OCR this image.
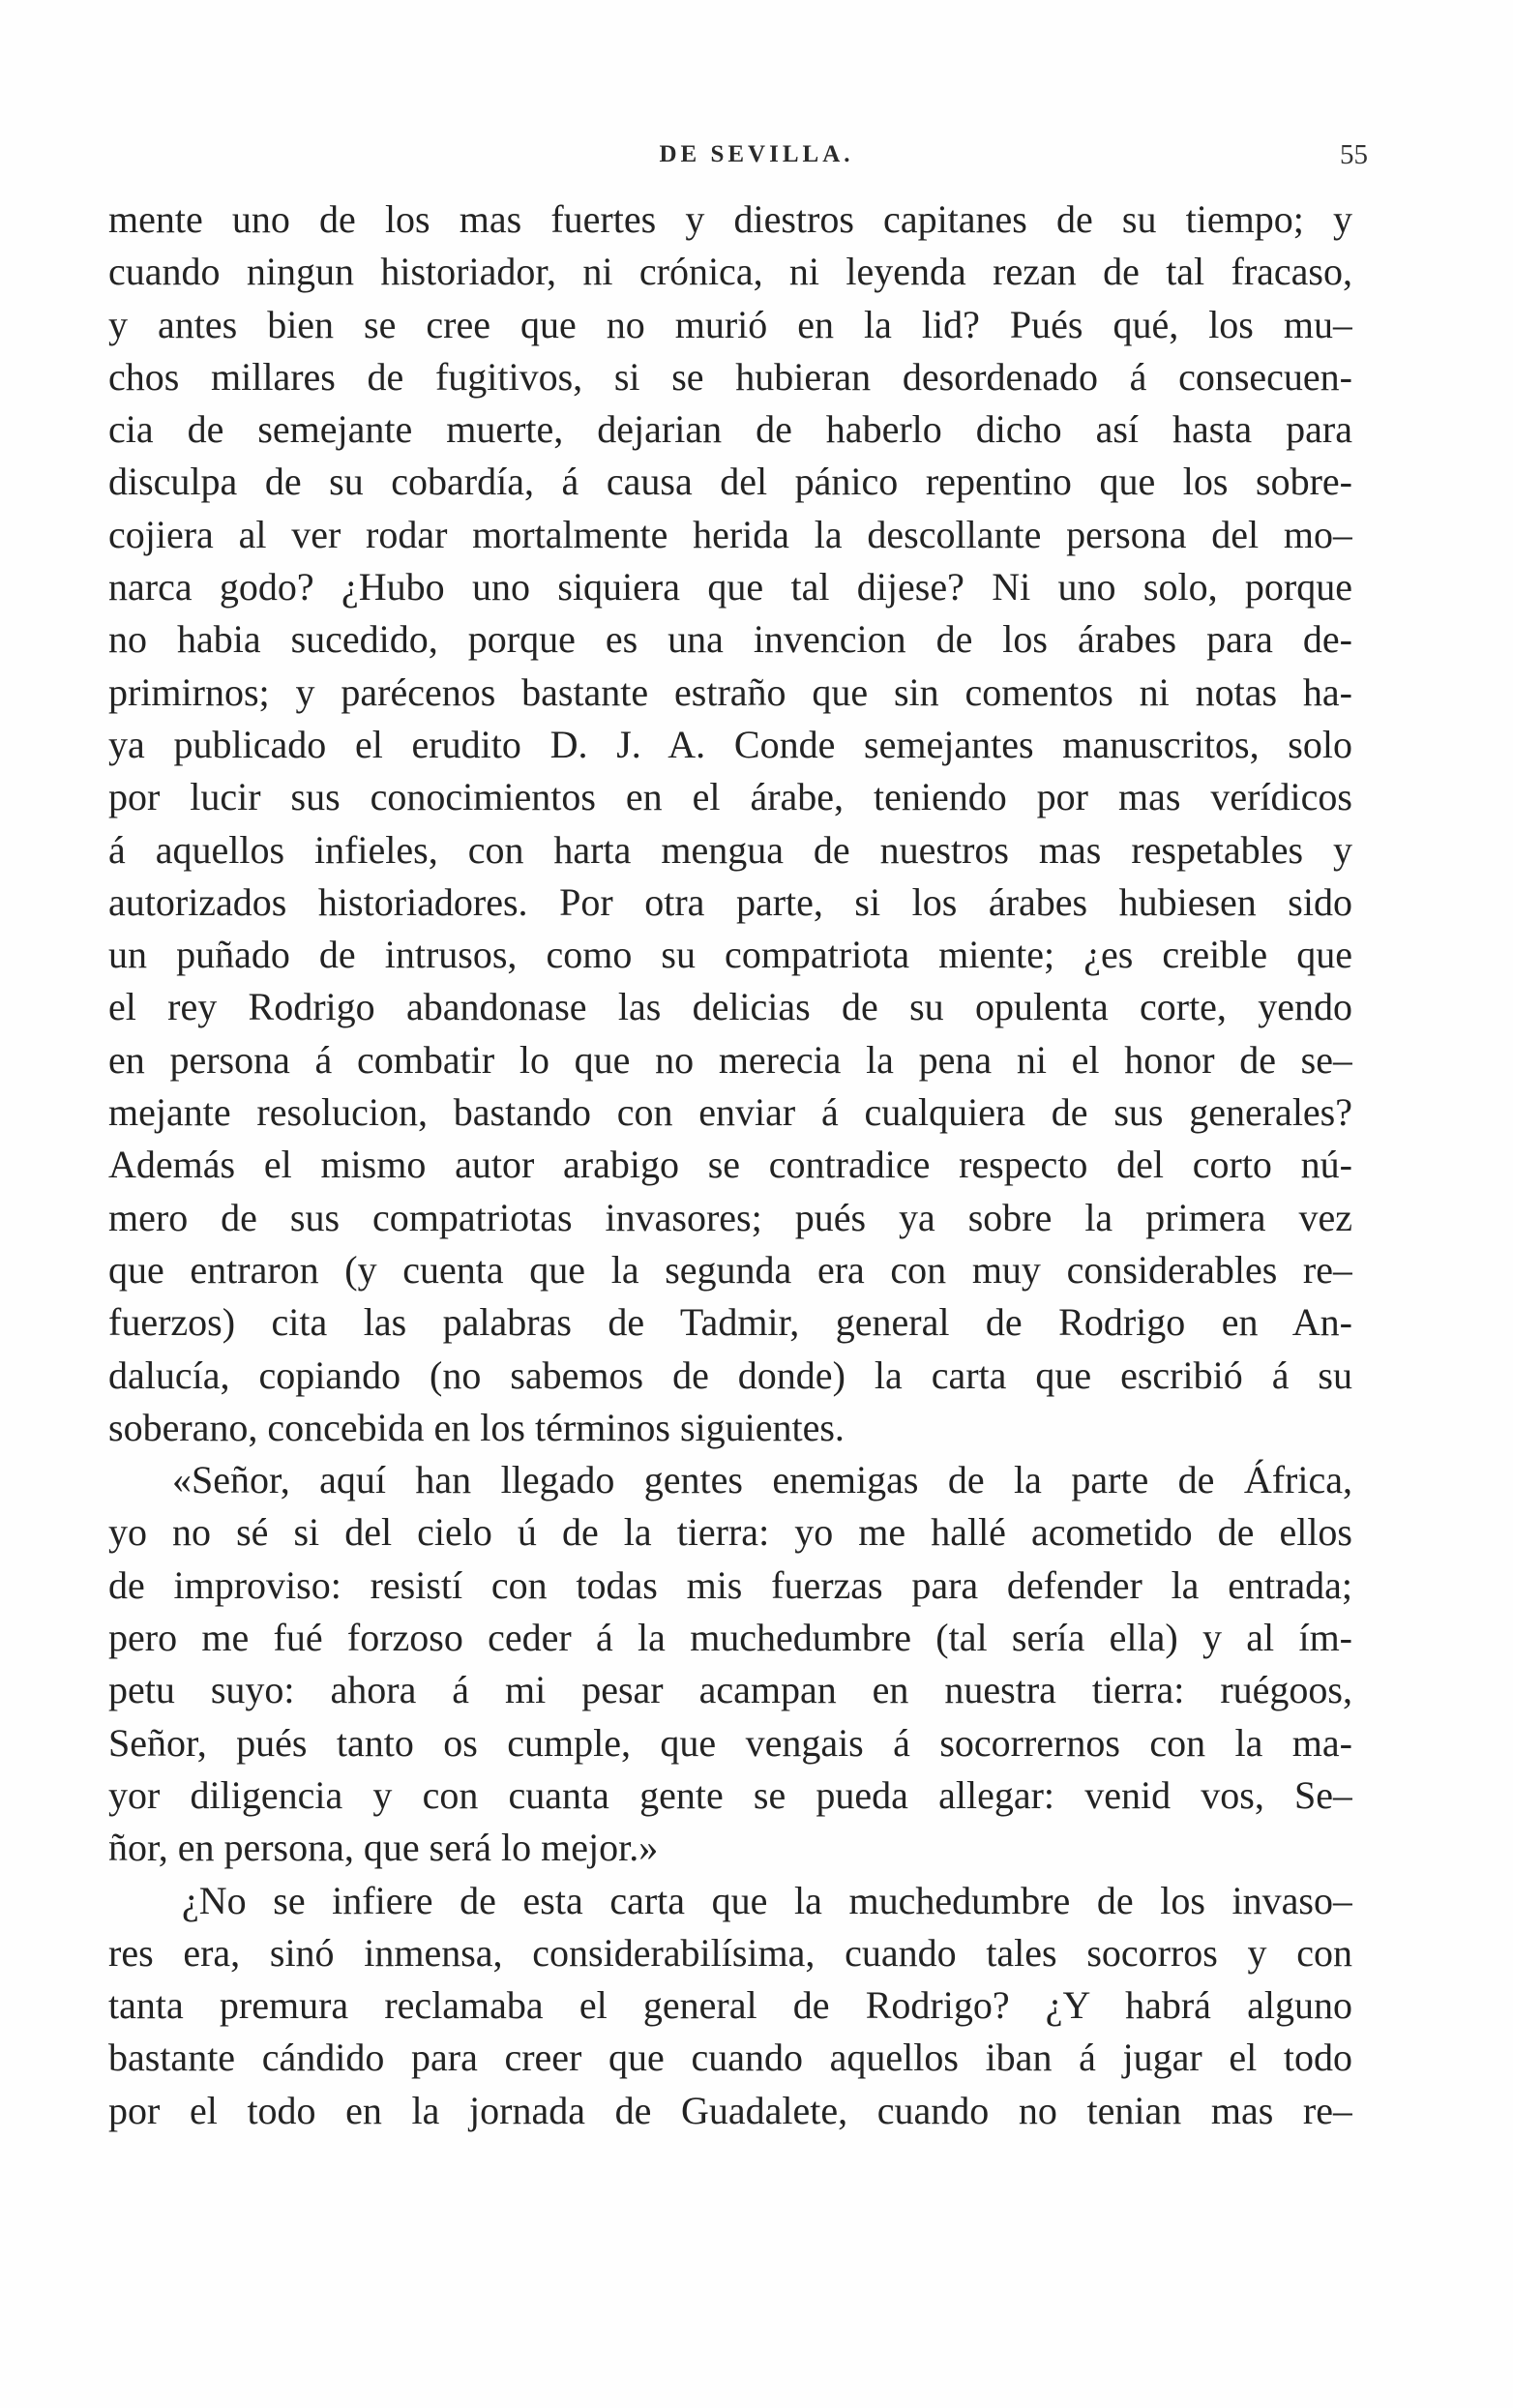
DE SEVILLA.	55
mente uno de los mas fuertes y diestros capitanes de su tiempo; y
cuando ningun historiador, ni crónica, ni leyenda rezan de tal fracaso,
y antes bien se cree que no murió en la lid? Pués qué, los mu–
chos millares de fugitivos, si se hubieran desordenado á consecuen-
cia de semejante muerte, dejarian de haberlo dicho así hasta para
disculpa de su cobardía, á causa del pánico repentino que los sobre-
cojiera al ver rodar mortalmente herida la descollante persona del mo–
narca godo? ¿Hubo uno siquiera que tal dijese? Ni uno solo, porque
no habia sucedido, porque es una invencion de los árabes para de-
primirnos; y parécenos bastante estraño que sin comentos ni notas ha-
ya publicado el erudito D. J. A. Conde semejantes manuscritos, solo
por lucir sus conocimientos en el árabe, teniendo por mas verídicos
á aquellos infieles, con harta mengua de nuestros mas respetables y
autorizados historiadores. Por otra parte, si los árabes hubiesen sido
un puñado de intrusos, como su compatriota miente; ¿es creible que
el rey Rodrigo abandonase las delicias de su opulenta corte, yendo
en persona á combatir lo que no merecia la pena ni el honor de se–
mejante resolucion, bastando con enviar á cualquiera de sus generales?
Además el mismo autor arabigo se contradice respecto del corto nú-
mero de sus compatriotas invasores; pués ya sobre la primera vez
que entraron (y cuenta que la segunda era con muy considerables re–
fuerzos) cita las palabras de Tadmir, general de Rodrigo en An-
dalucía, copiando (no sabemos de donde) la carta que escribió á su
soberano, concebida en los términos siguientes.
«Señor, aquí han llegado gentes enemigas de la parte de África,
yo no sé si del cielo ú de la tierra: yo me hallé acometido de ellos
de improviso: resistí con todas mis fuerzas para defender la entrada;
pero me fué forzoso ceder á la muchedumbre (tal sería ella) y al ím-
petu suyo: ahora á mi pesar acampan en nuestra tierra: ruégoos,
Señor, pués tanto os cumple, que vengais á socorrernos con la ma-
yor diligencia y con cuanta gente se pueda allegar: venid vos, Se–
ñor, en persona, que será lo mejor.»
¿No se infiere de esta carta que la muchedumbre de los invaso–
res era, sinó inmensa, considerabilísima, cuando tales socorros y con
tanta premura reclamaba el general de Rodrigo? ¿Y habrá alguno
bastante cándido para creer que cuando aquellos iban á jugar el todo
por el todo en la jornada de Guadalete, cuando no tenian mas re–
